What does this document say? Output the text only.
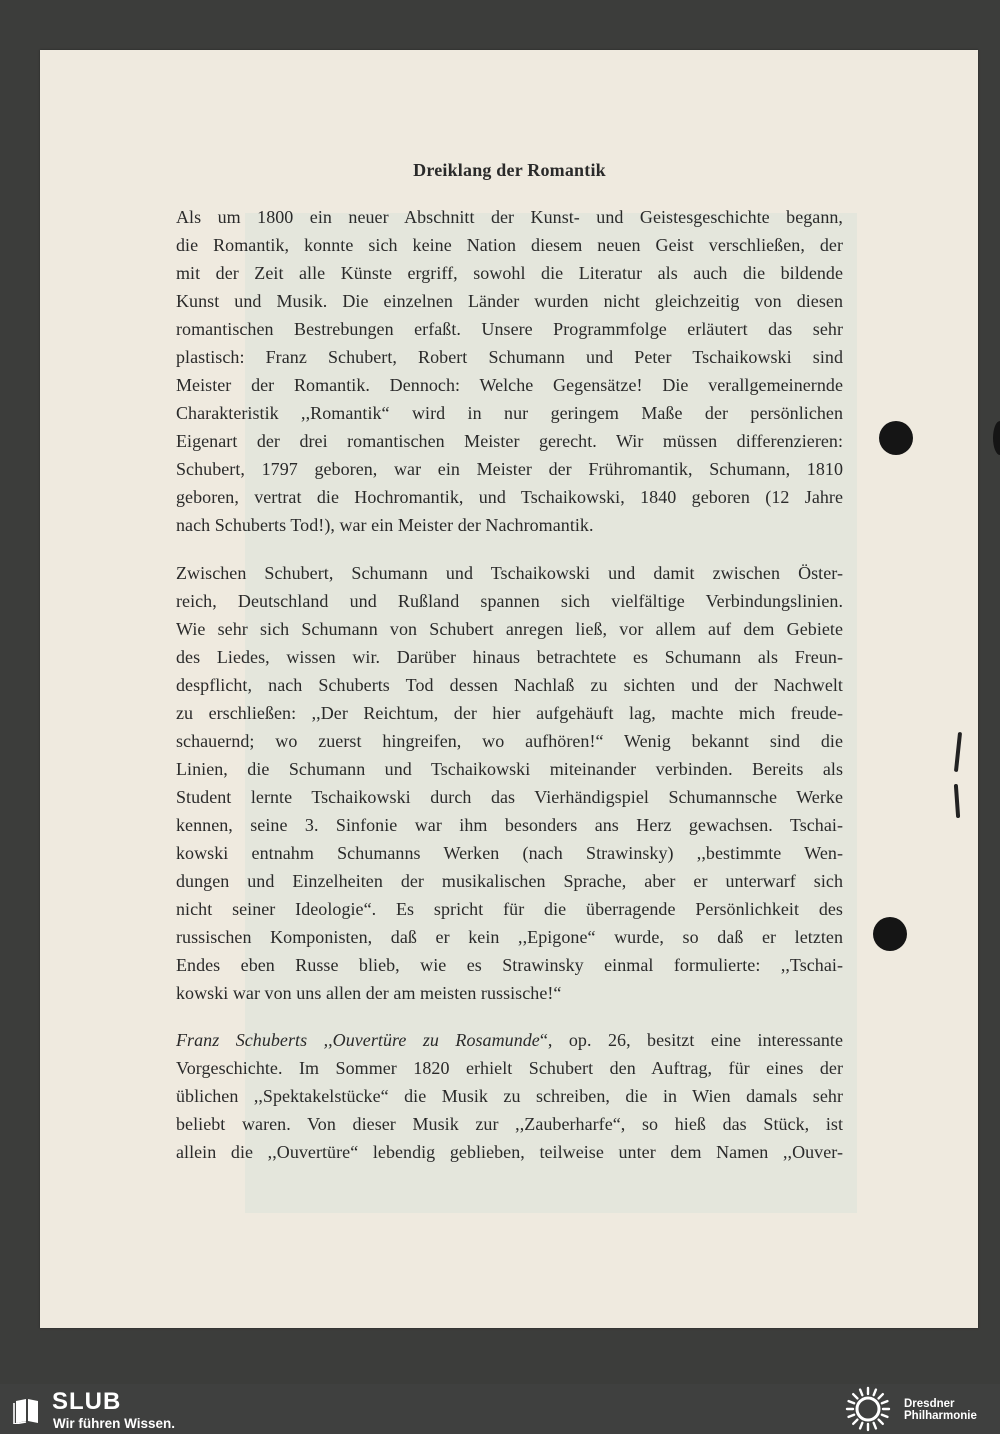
Dreiklang der Romantik

Als um 1800 ein neuer Abschnitt der Kunst- und Geistesgeschichte begann,
die Romantik, konnte sich keine Nation diesem neuen Geist verschließen, der
mit der Zeit alle Künste ergriff, sowohl die Literatur als auch die bildende
Kunst und Musik. Die einzelnen Länder wurden nicht gleichzeitig von diesen
romantischen Bestrebungen erfaßt. Unsere Programmfolge erläutert das sehr
plastisch: Franz Schubert, Robert Schumann und Peter Tschaikowski sind
Meister der Romantik. Dennoch: Welche Gegensätze! Die verallgemeinernde
Charakteristik ,,Romantik“ wird in nur geringem Maße der persönlichen
Eigenart der drei romantischen Meister gerecht. Wir müssen differenzieren:
Schubert, 1797 geboren, war ein Meister der Frühromantik, Schumann, 1810
geboren, vertrat die Hochromantik, und Tschaikowski, 1840 geboren (12 Jahre
nach Schuberts Tod!), war ein Meister der Nachromantik.

Zwischen Schubert, Schumann und Tschaikowski und damit zwischen Öster-
reich, Deutschland und Rußland spannen sich vielfältige Verbindungslinien.
Wie sehr sich Schumann von Schubert anregen ließ, vor allem auf dem Gebiete
des Liedes, wissen wir. Darüber hinaus betrachtete es Schumann als Freun-
despflicht, nach Schuberts Tod dessen Nachlaß zu sichten und der Nachwelt
zu erschließen: ,,Der Reichtum, der hier aufgehäuft lag, machte mich freude-
schauernd; wo zuerst hingreifen, wo aufhören!“ Wenig bekannt sind die
Linien, die Schumann und Tschaikowski miteinander verbinden. Bereits als
Student lernte Tschaikowski durch das Vierhändigspiel Schumannsche Werke
kennen, seine 3. Sinfonie war ihm besonders ans Herz gewachsen. Tschai-
kowski entnahm Schumanns Werken (nach Strawinsky) ,,bestimmte Wen-
dungen und Einzelheiten der musikalischen Sprache, aber er unterwarf sich
nicht seiner Ideologie“. Es spricht für die überragende Persönlichkeit des
russischen Komponisten, daß er kein ,,Epigone“ wurde, so daß er letzten
Endes eben Russe blieb, wie es Strawinsky einmal formulierte: ,,Tschai-
kowski war von uns allen der am meisten russische!“

Franz Schuberts ,,Ouvertüre zu Rosamunde“, op. 26, besitzt eine interessante
Vorgeschichte. Im Sommer 1820 erhielt Schubert den Auftrag, für eines der
üblichen ,,Spektakelstücke“ die Musik zu schreiben, die in Wien damals sehr
beliebt waren. Von dieser Musik zur ,,Zauberharfe“, so hieß das Stück, ist
allein die ,,Ouvertüre“ lebendig geblieben, teilweise unter dem Namen ,,Ouver-

SLUB
Wir führen Wissen.
Dresdner
Philharmonie
